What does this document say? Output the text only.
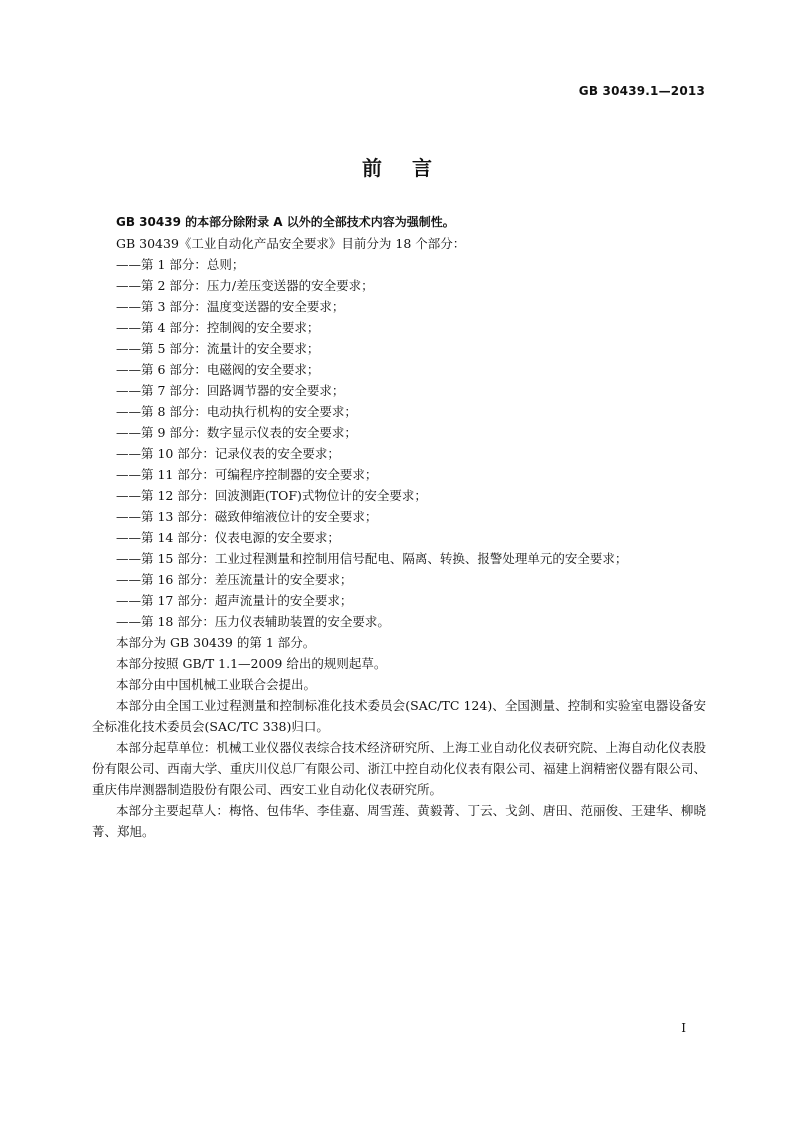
GB 30439.1—2013
前言

GB 30439 的本部分除附录 A 以外的全部技术内容为强制性。

GB 30439《工业自动化产品安全要求》目前分为 18 个部分：

——第 1 部分：总则；
——第 2 部分：压力/差压变送器的安全要求；
——第 3 部分：温度变送器的安全要求；
——第 4 部分：控制阀的安全要求；
——第 5 部分：流量计的安全要求；
——第 6 部分：电磁阀的安全要求；
——第 7 部分：回路调节器的安全要求；
——第 8 部分：电动执行机构的安全要求；
——第 9 部分：数字显示仪表的安全要求；
——第 10 部分：记录仪表的安全要求；
——第 11 部分：可编程序控制器的安全要求；
——第 12 部分：回波测距(TOF)式物位计的安全要求；
——第 13 部分：磁致伸缩液位计的安全要求；
——第 14 部分：仪表电源的安全要求；
——第 15 部分：工业过程测量和控制用信号配电、隔离、转换、报警处理单元的安全要求；
——第 16 部分：差压流量计的安全要求；
——第 17 部分：超声流量计的安全要求；
——第 18 部分：压力仪表辅助装置的安全要求。

本部分为 GB 30439 的第 1 部分。

本部分按照 GB/T 1.1—2009 给出的规则起草。

本部分由中国机械工业联合会提出。

本部分由全国工业过程测量和控制标准化技术委员会(SAC/TC 124)、全国测量、控制和实验室电器设备安全标准化技术委员会(SAC/TC 338)归口。

本部分起草单位：机械工业仪器仪表综合技术经济研究所、上海工业自动化仪表研究院、上海自动化仪表股份有限公司、西南大学、重庆川仪总厂有限公司、浙江中控自动化仪表有限公司、福建上润精密仪器有限公司、重庆伟岸测器制造股份有限公司、西安工业自动化仪表研究所。

本部分主要起草人：梅恪、包伟华、李佳嘉、周雪莲、黄毅菁、丁云、戈剑、唐田、范丽俊、王建华、柳晓菁、郑旭。

I
